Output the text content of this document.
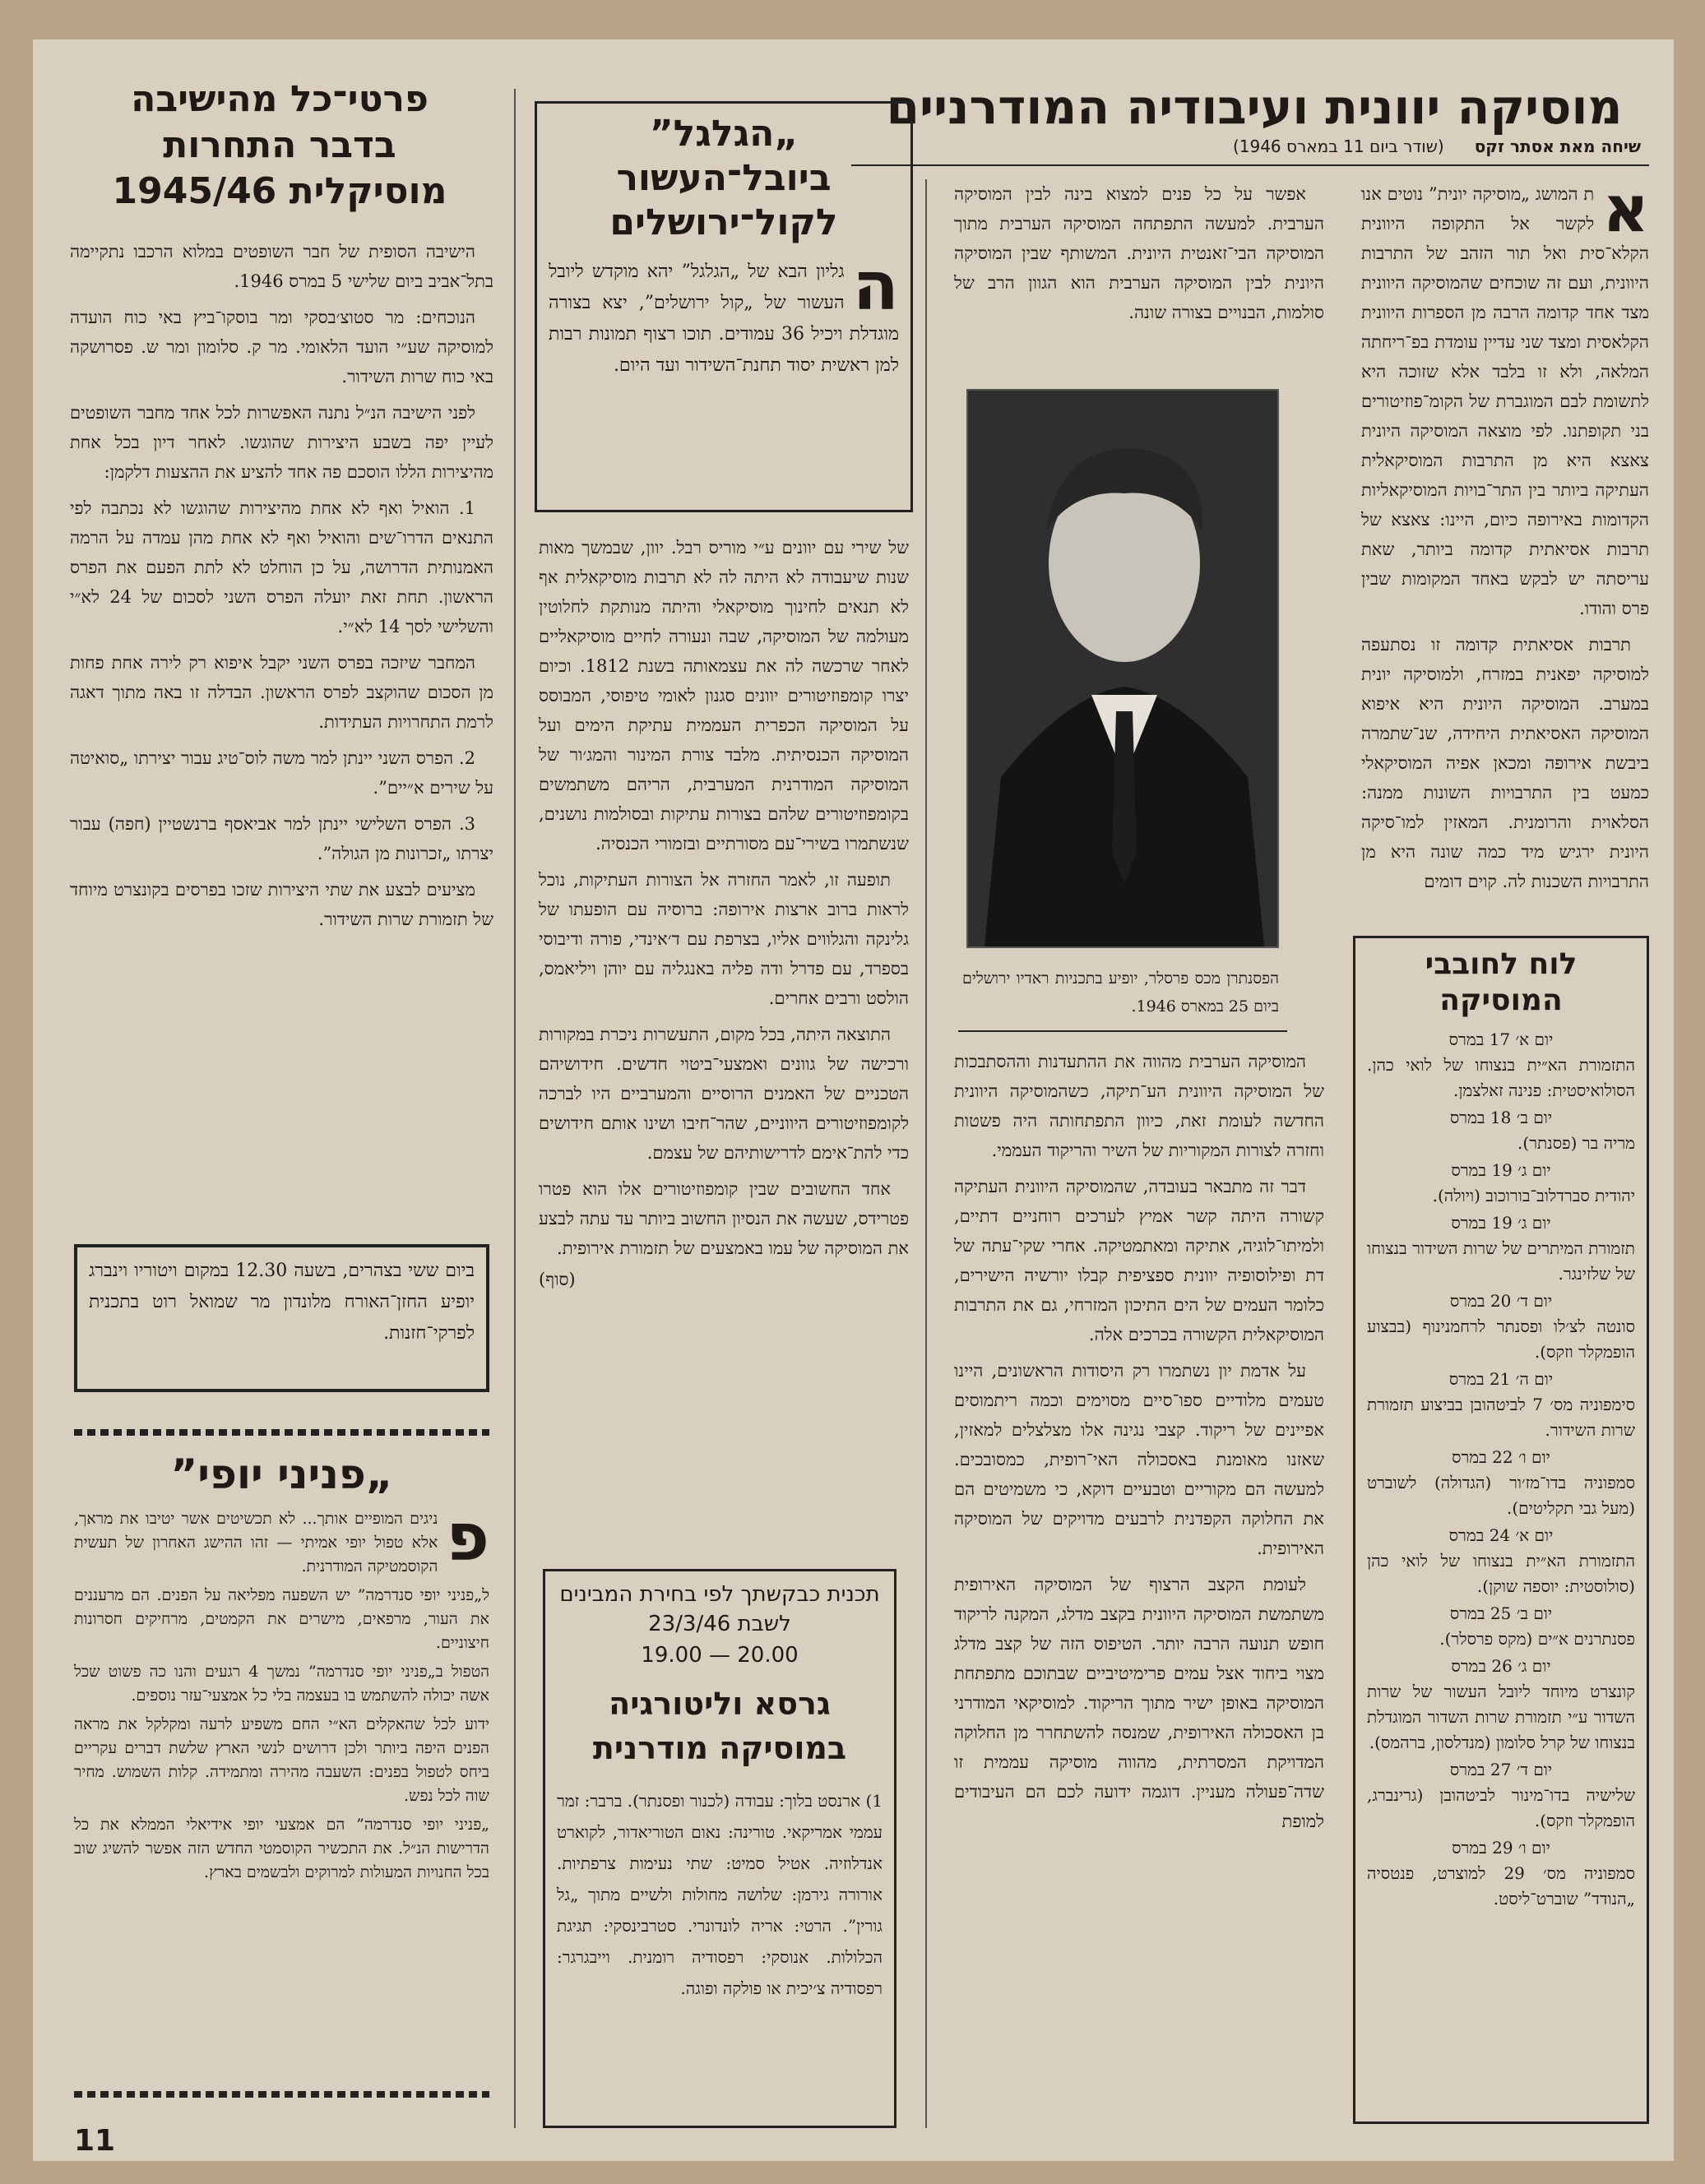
מוסיקה יוונית ועיבודיה המודרניים
שיחה מאת אסתר זקס (שודר ביום 11 במארס 1946)
א

ת המושג „מוסיקה יונית” נוטים אנו לקשר אל התקופה היוונית הקלא־סית ואל תור הזהב של התרבות היוונית, ועם זה שוכחים שהמוסיקה היוונית מצד אחד קדומה הרבה מן הספרות היוונית הקלאסית ומצד שני עדיין עומדת בפ־ריחתה המלאה, ולא זו בלבד אלא שזוכה היא לתשומת לבם המוגברת של הקומ־פוזיטורים בני תקופתנו. לפי מוצאה המוסיקה היונית צאצא היא מן התרבות המוסיקאלית העתיקה ביותר בין התר־בויות המוסיקאליות הקדומות באירופה כיום, היינו: צאצא של תרבות אסיאתית קדומה ביותר, שאת עריסתה יש לבקש באחד המקומות שבין פרס והודו.

תרבות אסיאתית קדומה זו נסתעפה למוסיקה יפאנית במזרח, ולמוסיקה יונית במערב. המוסיקה היונית היא איפוא המוסיקה האסיאתית היחידה, שנ־שתמרה ביבשת אירופה ומכאן אפיה המוסיקאלי כמעט בין התרבויות השונות ממנה: הסלאוית והרומנית. המאזין למו־סיקה היונית ירגיש מיד כמה שונה היא מן התרבויות השכנות לה. קוים דומים

לוח לחובבי
המוסיקה
יום א׳ 17 במרס
התזמורת הא״ית בנצוחו של לואי כהן. הסולואיסטית: פנינה זאלצמן.
יום ב׳ 18 במרס
מריה בר (פסנתר).
יום ג׳ 19 במרס
יהודית סברדלוב־בורוכוב (ויולה).
יום ג׳ 19 במרס
תזמורת המיתרים של שרות השידור בנצוחו של שלזינגר.
יום ד׳ 20 במרס
סונטה לצ׳לו ופסנתר לרחמנינוף (בבצוע הופמקלר וזקס).
יום ה׳ 21 במרס
סימפוניה מס׳ 7 לביטהובן בביצוע תזמורת שרות השידור.
יום ו׳ 22 במרס
סמפוניה בדו־מז׳ור (הגדולה) לשוברט (מעל גבי תקליטים).
יום א׳ 24 במרס
התזמורת הא״ית בנצוחו של לואי כהן (סולוסטית: יוספה שוקן).
יום ב׳ 25 במרס
פסנתרנים א״ים (מקס פרסלר).
יום ג׳ 26 במרס
קונצרט מיוחד ליובל העשור של שרות השדור ע״י תזמורת שרות השדור המוגדלת בנצוחו של קרל סלומון (מנדלסון, ברהמס).
יום ד׳ 27 במרס
שלישיה בדו־מינור לביטהובן (גרינברג, הופמקלר וזקס).
יום ו׳ 29 במרס
סמפוניה מס׳ 29 למוצרט, פנטסיה „הנודד” שוברט־ליסט.

אפשר על כל פנים למצוא בינה לבין המוסיקה הערבית. למעשה התפתחה המוסיקה הערבית מתוך המוסיקה הבי־זאנטית היונית. המשותף שבין המוסיקה היונית לבין המוסיקה הערבית הוא הגוון הרב של סולמות, הבנויים בצורה שונה.

הפסנתרן מכס פרסלר, יופיע בתכניות ראדיו ירושלים ביום 25 במארס 1946.

המוסיקה הערבית מהווה את ההתעדנות וההסתבכות של המוסיקה היוונית הע־תיקה, כשהמוסיקה היוונית החדשה לעומת זאת, כיוון התפתחותה היה פשטות וחזרה לצורות המקוריות של השיר והריקוד העממי.

דבר זה מתבאר בעובדה, שהמוסיקה היוונית העתיקה קשורה היתה קשר אמיץ לערכים רוחניים דתיים, ולמיתו־לוגיה, אתיקה ומאתמטיקה. אחרי שקי־עתה של דת ופילוסופיה יוונית ספציפית קבלו יורשיה הישירים, כלומר העמים של הים התיכון המזרחי, גם את התרבות המוסיקאלית הקשורה בכרכים אלה.

על אדמת יון נשתמרו רק היסודות הראשונים, היינו טעמים מלודיים ספו־סיים מסוימים וכמה ריתמוסים אפיינים של ריקוד. קצבי נגינה אלו מצלצלים למאזין, שאזנו מאומנת באסכולה האי־רופית, כמסובכים. למעשה הם מקוריים וטבעיים דוקא, כי משמיטים הם את החלוקה הקפדנית לרבעים מדויקים של המוסיקה האירופית.

לעומת הקצב הרצוף של המוסיקה האירופית משתמשת המוסיקה היוונית בקצב מדלג, המקנה לריקוד חופש תנועה הרבה יותר. הטיפוס הזה של קצב מדלג מצוי ביחוד אצל עמים פרימיטיביים שבתוכם מתפתחת המוסיקה באופן ישיר מתוך הריקוד. למוסיקאי המודרני בן האסכולה האירופית, שמנסה להשתחרר מן החלוקה המדויקת המסרתית, מהווה מוסיקה עממית זו שדה־פעולה מעניין. דוגמה ידועה לכם הם העיבודים למופת

„הגלגל”
ביובל־העשור
לקול־ירושלים
ה

גליון הבא של „הגלגל” יהא מוקדש ליובל העשור של „קול ירושלים”, יצא בצורה מוגדלת ויכיל 36 עמודים. תוכו רצוף תמונות רבות למן ראשית יסוד תחנת־השידור ועד היום.

של שירי עם יוונים ע״י מוריס רבל. יוון, שבמשך מאות שנות שיעבודה לא היתה לה לא תרבות מוסיקאלית אף לא תנאים לחינוך מוסיקאלי והיתה מנותקת לחלוטין מעולמה של המוסיקה, שבה ונעורה לחיים מוסיקאליים לאחר שרכשה לה את עצמאותה בשנת 1812. וכיום יצרו קומפוזיטורים יוונים סגנון לאומי טיפוסי, המבוסס על המוסיקה הכפרית העממית עתיקת הימים ועל המוסיקה הכנסיתית. מלבד צורת המינור והמג׳ור של המוסיקה המודרנית המערבית, הריהם משתמשים בקומפוזיטורים שלהם בצורות עתיקות ובסולמות נושנים, שנשתמרו בשירי־עם מסורתיים ובזמורי הכנסיה.

תופעה זו, לאמר החזרה אל הצורות העתיקות, נוכל לראות ברוב ארצות אירופה: ברוסיה עם הופעתו של גלינקה והגלווים אליו, בצרפת עם ד׳אינדי, פורה ודיבוסי בספרד, עם פדרל ודה פליה באנגליה עם יוהן ויליאמס, הולסט ורבים אחרים.

התוצאה היתה, בכל מקום, התעשרות ניכרת במקורות ורכישה של גוונים ואמצעי־ביטוי חדשים. חידושיהם הטכניים של האמנים הרוסיים והמערביים היו לברכה לקומפוזיטורים היווניים, שהר־חיבו ושינו אותם חידושים כדי להת־אימם לדרישותיהם של עצמם.

אחד החשובים שבין קומפוזיטורים אלו הוא פטרו פטרידס, שעשה את הנסיון החשוב ביותר עד עתה לבצע את המוסיקה של עמו באמצעים של תזמורת אירופית.

(סוף)
תכנית כבקשתך לפי בחירת המבינים לשבת 23/3/46
20.00 — 19.00
גרסא וליטורגיה במוסיקה מודרנית

1) ארנסט בלוך: עבודה (לכנור ופסנתר). ברבר: זמר עממי אמריקאי. טורינה: נאום הטוריאדור, לקוארט אנדלוזיה. אטיל סמיט: שתי נעימות צרפתיות. אורורה גירמן: שלושה מחולות ולשיים מתוך „גל גורין”. הרטי: אריה לונדונרי. סטרבינסקי: תגיגת הכלולות. אנוסקי: רפסודיה רומנית. וייבגרגר: רפסודיה צ׳יכית או פולקה ופוגה.

פרטי־כל מהישיבה
בדבר התחרות
מוסיקלית 1945/46

הישיבה הסופית של חבר השופטים במלוא הרכבו נתקיימה בתל־אביב ביום שלישי 5 במרס 1946.

הנוכחים: מר סטוצ׳בסקי ומר בוסקו־ביץ באי כוח הועדה למוסיקה שע״י הועד הלאומי. מר ק. סלומון ומר ש. פסרושקה באי כוח שרות השידור.

לפני הישיבה הנ״ל נתנה האפשרות לכל אחד מחבר השופטים לעיין יפה בשבע היצירות שהוגשו. לאחר דיון בכל אחת מהיצירות הללו הוסכם פה אחד להציע את ההצעות דלקמן:

1. הואיל ואף לא אחת מהיצירות שהוגשו לא נכתבה לפי התנאים הדרו־שים והואיל ואף לא אחת מהן עמדה על הרמה האמנותית הדרושה, על כן הוחלט לא לתת הפעם את הפרס הראשון. תחת זאת יועלה הפרס השני לסכום של 24 לא״י והשלישי לסך 14 לא״י.

המחבר שיזכה בפרס השני יקבל איפוא רק לירה אחת פחות מן הסכום שהוקצב לפרס הראשון. הבדלה זו באה מתוך דאגה לרמת התחרויות העתידות.

2. הפרס השני יינתן למר משה לוס־טיג עבור יצירתו „סואיטה על שירים א״יים”.

3. הפרס השלישי יינתן למר אביאסף ברנשטיין (חפה) עבור יצרתו „זכרונות מן הגולה”.

מציעים לבצע את שתי היצירות שזכו בפרסים בקונצרט מיוחד של תזמורת שרות השידור.

ביום ששי בצהרים, בשעה 12.30 במקום ויטוריו וינברג יופיע החזן־האורח מלונדון מר שמואל רוט בתכנית לפרקי־חזנות.

„פניני יופי”
פ

ניגים המופיים אותך... לא תכשיטים אשר יטיבו את מראך, אלא טפול יופי אמיתי — זהו ההישג האחרון של תעשית הקוסמטיקה המודרנית.

ל„פניני יופי סנדרמה” יש השפעה מפליאה על הפנים. הם מרעננים את העור, מרפאים, מישרים את הקמטים, מרחיקים חסרונות חיצוניים.

הטפול ב„פניני יופי סנדרמה” נמשך 4 רגעים והנו כה פשוט שכל אשה יכולה להשתמש בו בעצמה בלי כל אמצעי־עזר נוספים.

ידוע לכל שהאקלים הא״י החם משפיע לרעה ומקלקל את מראה הפנים היפה ביותר ולכן דרושים לנשי הארץ שלשת דברים עקריים ביחס לטפול בפנים: השעבה מהירה ומתמידה. קלות השמוש. מחיר שוה לכל נפש.

„פניני יופי סנדרמה” הם אמצעי יופי אידיאלי הממלא את כל הדרישות הנ״ל. את התכשיר הקוסמטי החדש הזה אפשר להשיג שוב בכל החנויות המעולות למרוקים ולבשמים בארץ.

11
